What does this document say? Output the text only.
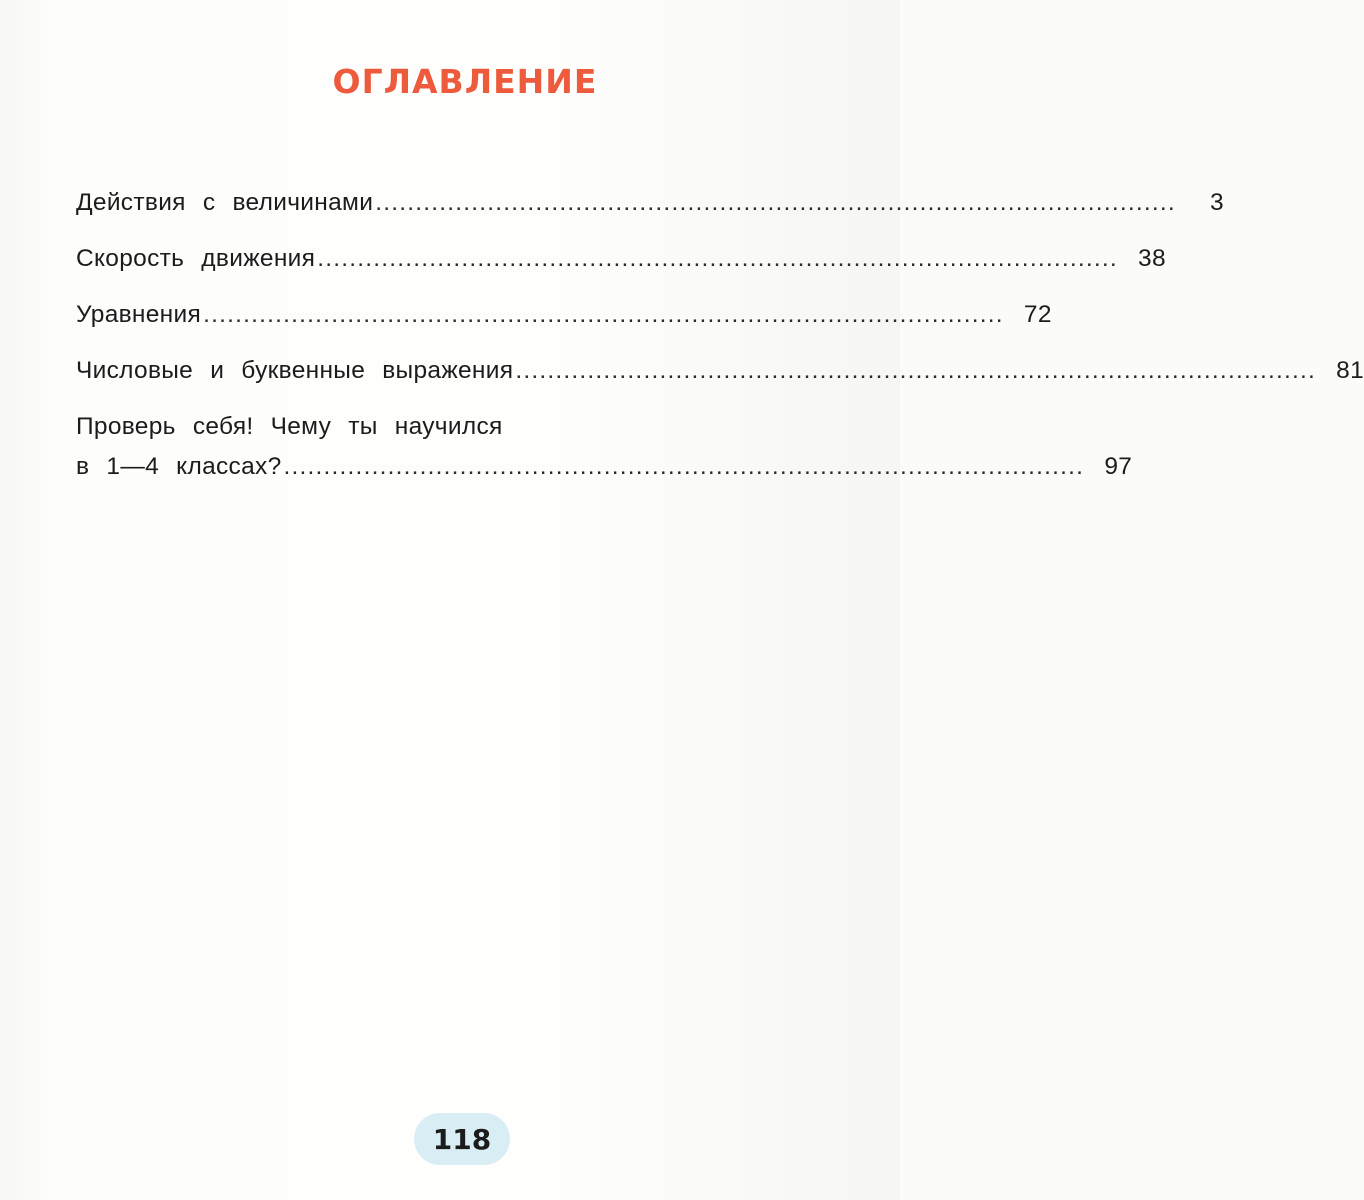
ОГЛАВЛЕНИЕ
Действия с величинами ....................................................................................................	3
Скорость движения .................................................................................................... 38
Уравнения .................................................................................................... 72
Числовые и буквенные выражения .................................................................................................... 81
Проверь себя! Чему ты научился
в 1—4 классах? .................................................................................................... 97
118
